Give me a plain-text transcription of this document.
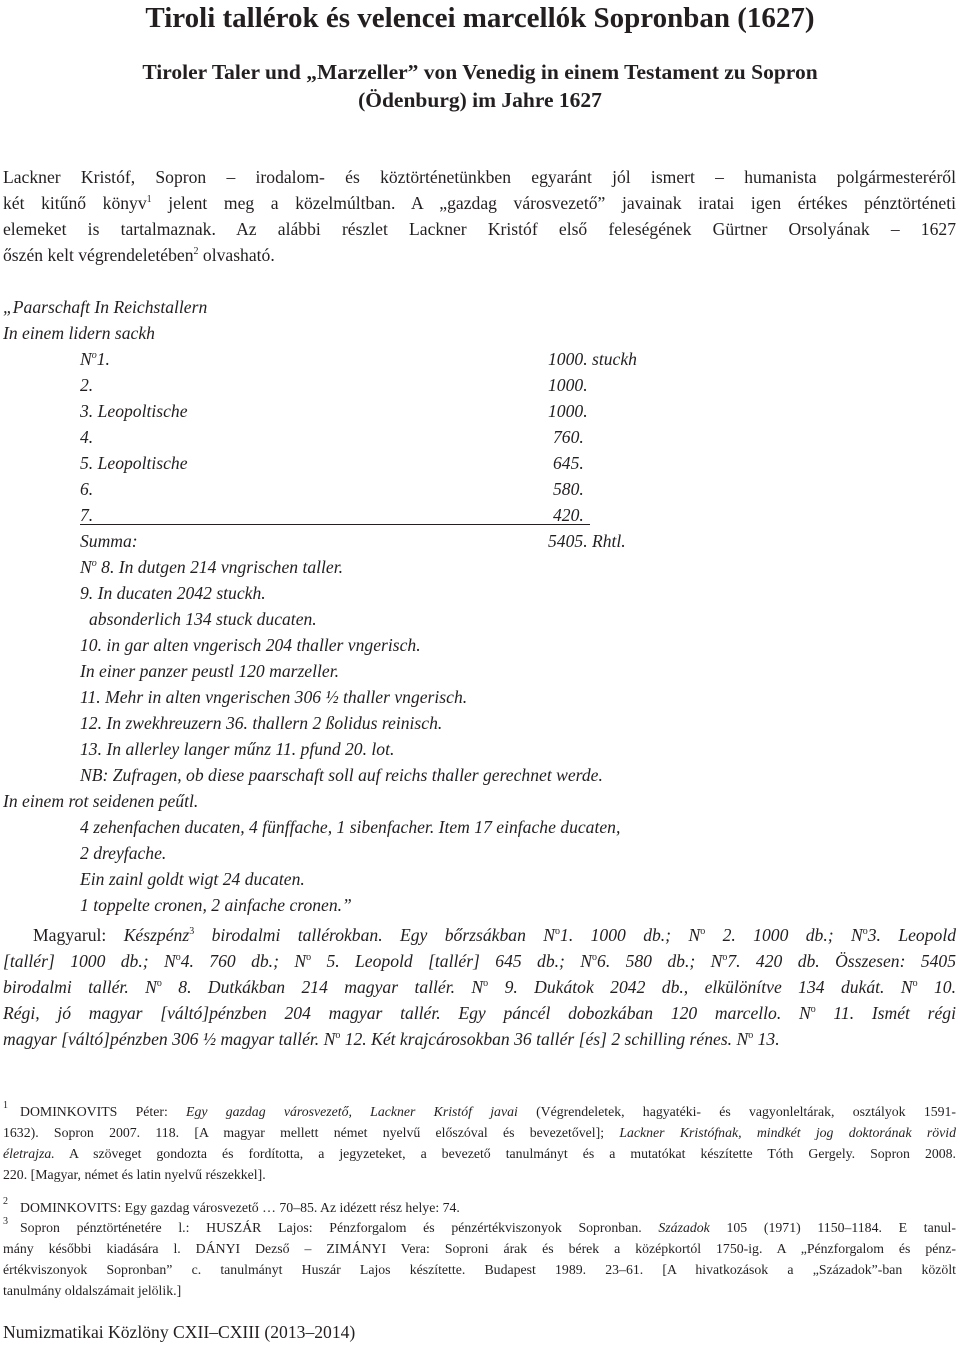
Tiroli tallérok és velencei marcellók Sopronban (1627)
Tiroler Taler und „Marzeller” von Venedig in einem Testament zu Sopron
(Ödenburg) im Jahre 1627
Lackner Kristóf, Sopron – irodalom- és köztörténetünkben egyaránt jól ismert – humanista polgármesteréről
két kitűnő könyv$^1$ jelent meg a közelmúltban. A „gazdag városvezető” javainak iratai igen értékes pénztörténeti
elemeket is tartalmaznak. Az alábbi részlet Lackner Kristóf első feleségének Gürtner Orsolyának – 1627
őszén kelt végrendeletében$^2$ olvasható.
„Paarschaft In Reichstallern
In einem lidern sackh
$N^o1$.	1000. stuckh
2.	1000.
3. Leopoltische	1000.
4.	760.
5. Leopoltische	645.
6.	580.
7.	420.
Summa:	5405. Rhtl.
$N^o$ 8. In dutgen 214 vngrischen taller.
9. In ducaten 2042 stuckh.
absonderlich 134 stuck ducaten.
10. in gar alten vngerisch 204 thaller vngerisch.
In einer panzer peustl 120 marzeller.
11. Mehr in alten vngerischen 306 ½ thaller vngerisch.
12. In zwekhreuzern 36. thallern 2 ßolidus reinisch.
13. In allerley langer műnz 11. pfund 20. lot.
NB: Zufragen, ob diese paarschaft soll auf reichs thaller gerechnet werde.
In einem rot seidenen peűtl.
4 zehenfachen ducaten, 4 fünffache, 1 sibenfacher. Item 17 einfache ducaten,
2 dreyfache.
Ein zainl goldt wigt 24 ducaten.
1 toppelte cronen, 2 ainfache cronen.”
Magyarul: Készpénz$^3$ birodalmi tallérokban. Egy bőrzsákban $N^o1$. 1000 db.; $N^o$ 2. 1000 db.; $N^o3$. Leopold
[tallér] 1000 db.; $N^o4$. 760 db.; $N^o$ 5. Leopold [tallér] 645 db.; $N^o6$. 580 db.; $N^o7$. 420 db. Összesen: 5405
birodalmi tallér. $N^o$ 8. Dutkákban 214 magyar tallér. $N^o$ 9. Dukátok 2042 db., elkülönítve 134 dukát. $N^o$ 10.
Régi, jó magyar [váltó]pénzben 204 magyar tallér. Egy páncél dobozkában 120 marcello. $N^o$ 11. Ismét régi
magyar [váltó]pénzben 306 ½ magyar tallér. $N^o$ 12. Két krajcárosokban 36 tallér [és] 2 schilling rénes. $N^o$ 13.
1 DOMINKOVITS Péter: Egy gazdag városvezető, Lackner Kristóf javai (Végrendeletek, hagyatéki- és vagyonleltárak, osztályok 1591-
1632). Sopron 2007. 118. [A magyar mellett német nyelvű előszóval és bevezetővel]; Lackner Kristófnak, mindkét jog doktorának rövid
életrajza. A szöveget gondozta és fordította, a jegyzeteket, a bevezető tanulmányt és a mutatókat készítette Tóth Gergely. Sopron 2008.
220. [Magyar, német és latin nyelvű részekkel].
2 DOMINKOVITS: Egy gazdag városvezető … 70–85. Az idézett rész helye: 74.
3 Sopron pénztörténetére l.: HUSZÁR Lajos: Pénzforgalom és pénzértékviszonyok Sopronban. Századok 105 (1971) 1150–1184. E tanul-
mány későbbi kiadására l. DÁNYI Dezső – ZIMÁNYI Vera: Soproni árak és bérek a középkortól 1750-ig. A „Pénzforgalom és pénz-
értékviszonyok Sopronban” c. tanulmányt Huszár Lajos készítette. Budapest 1989. 23–61. [A hivatkozások a „Századok”-ban közölt
tanulmány oldalszámait jelölik.]
Numizmatikai Közlöny CXII–CXIII (2013–2014)
